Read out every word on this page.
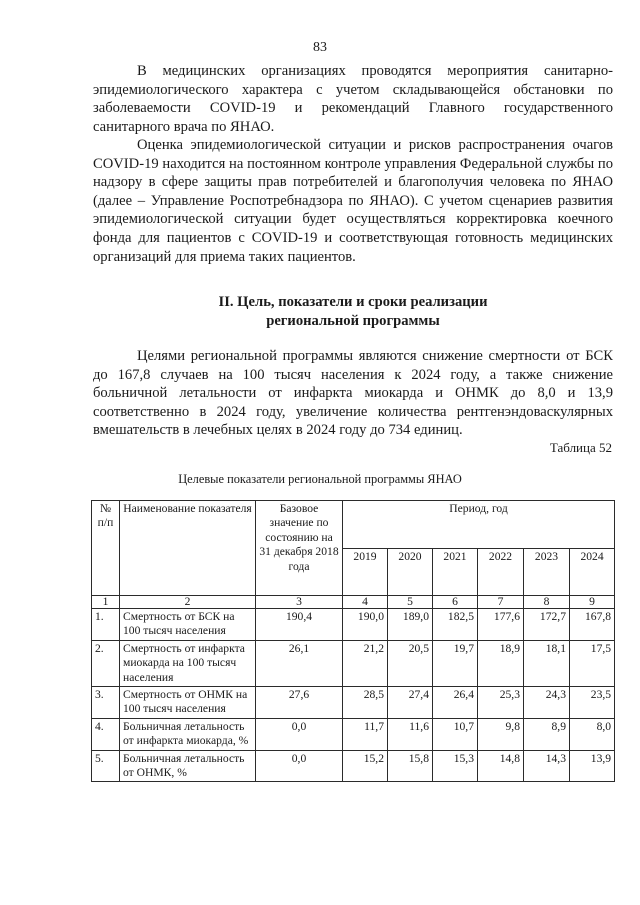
83

В медицинских организациях проводятся мероприятия санитарно-эпидемиологического характера с учетом складывающейся обстановки по заболеваемости COVID-19 и рекомендаций Главного государственного санитарного врача по ЯНАО.

Оценка эпидемиологической ситуации и рисков распространения очагов COVID-19 находится на постоянном контроле управления Федеральной службы по надзору в сфере защиты прав потребителей и благополучия человека по ЯНАО (далее – Управление Роспотребнадзора по ЯНАО). С учетом сценариев развития эпидемиологической ситуации будет осуществляться корректировка коечного фонда для пациентов с COVID-19 и соответствующая готовность медицинских организаций для приема таких пациентов.

II. Цель, показатели и сроки реализации
региональной программы

Целями региональной программы являются снижение смертности от БСК до 167,8 случаев на 100 тысяч населения к 2024 году, а также снижение больничной летальности от инфаркта миокарда и ОНМК до 8,0 и 13,9 соответственно в 2024 году, увеличение количества рентгенэндоваскулярных вмешательств в лечебных целях в 2024 году до 734 единиц.

Таблица 52
Целевые показатели региональной программы ЯНАО
№ п/п	Наименование показателя	Базовое значение по состоянию на 31 декабря 2018 года	Период, год					
			2019	2020	2021	2022	2023	2024
1	2	3	4	5	6	7	8	9
1.	Смертность от БСК на 100 тысяч населения	190,4	190,0	189,0	182,5	177,6	172,7	167,8
2.	Смертность от инфаркта миокарда на 100 тысяч населения	26,1	21,2	20,5	19,7	18,9	18,1	17,5
3.	Смертность от ОНМК на 100 тысяч населения	27,6	28,5	27,4	26,4	25,3	24,3	23,5
4.	Больничная летальность от инфаркта миокарда, %	0,0	11,7	11,6	10,7	9,8	8,9	8,0
5.	Больничная летальность от ОНМК, %	0,0	15,2	15,8	15,3	14,8	14,3	13,9
